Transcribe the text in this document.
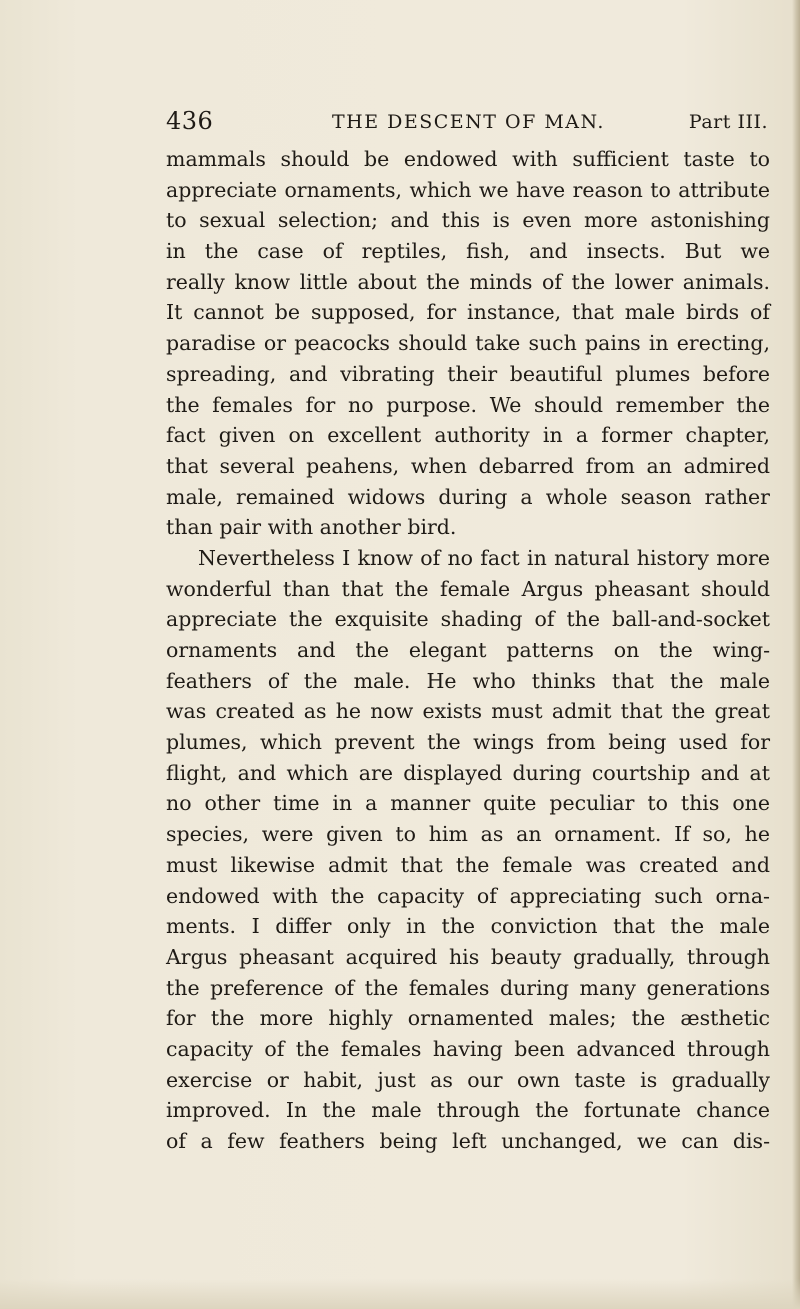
436	THE DESCENT OF MAN.	Part III.
mammals should be endowed with sufficient taste to
appreciate ornaments, which we have reason to attribute
to sexual selection; and this is even more astonishing
in the case of reptiles, fish, and insects. But we
really know little about the minds of the lower animals.
It cannot be supposed, for instance, that male birds of
paradise or peacocks should take such pains in erecting,
spreading, and vibrating their beautiful plumes before
the females for no purpose. We should remember the
fact given on excellent authority in a former chapter,
that several peahens, when debarred from an admired
male, remained widows during a whole season rather
than pair with another bird.
Nevertheless I know of no fact in natural history more
wonderful than that the female Argus pheasant should
appreciate the exquisite shading of the ball-and-socket
ornaments and the elegant patterns on the wing-
feathers of the male. He who thinks that the male
was created as he now exists must admit that the great
plumes, which prevent the wings from being used for
flight, and which are displayed during courtship and at
no other time in a manner quite peculiar to this one
species, were given to him as an ornament. If so, he
must likewise admit that the female was created and
endowed with the capacity of appreciating such orna-
ments. I differ only in the conviction that the male
Argus pheasant acquired his beauty gradually, through
the preference of the females during many generations
for the more highly ornamented males; the æsthetic
capacity of the females having been advanced through
exercise or habit, just as our own taste is gradually
improved. In the male through the fortunate chance
of a few feathers being left unchanged, we can dis-
